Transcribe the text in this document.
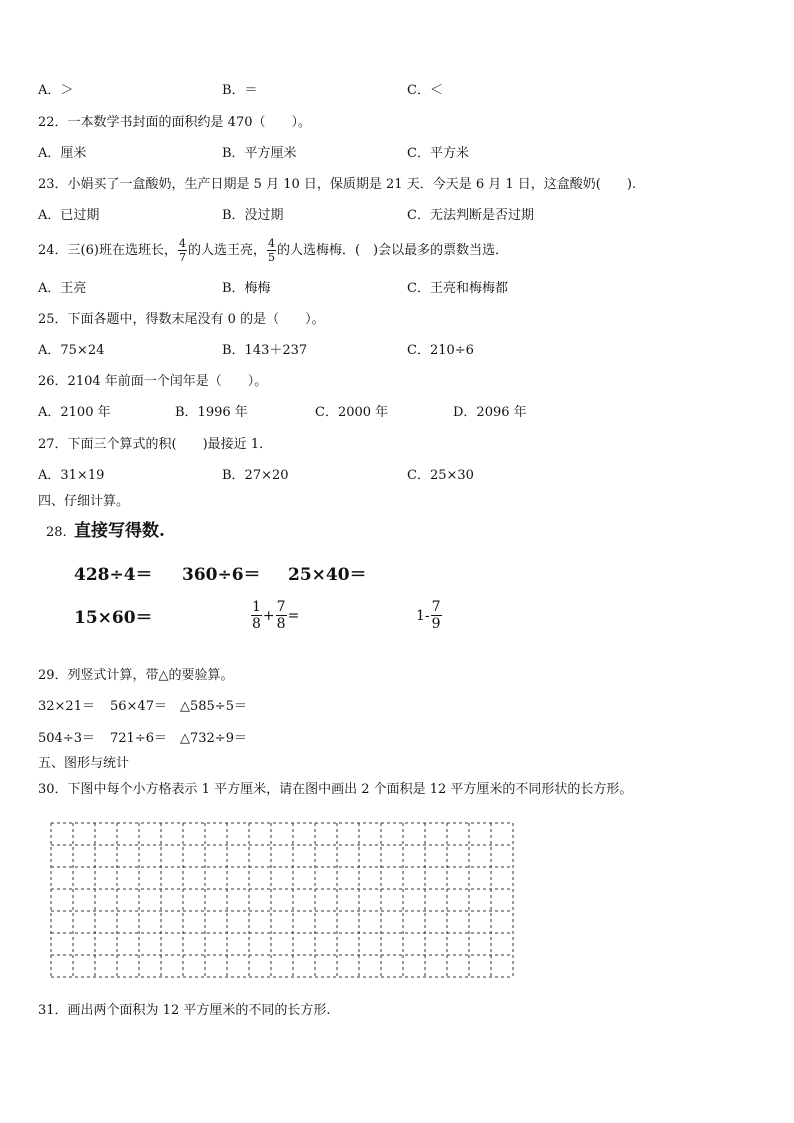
A．＞	B．＝	C．＜
22．一本数学书封面的面积约是 470（　　）。
A．厘米	B．平方厘米	C．平方米
23．小娟买了一盒酸奶，生产日期是 5 月 10 日，保质期是 21 天．今天是 6 月 1 日，这盒酸奶(　　).
A．已过期	B．没过期	C．无法判断是否过期
24．三(6)班在选班长， $\frac{4}{7}$ 的人选王亮， $\frac{4}{5}$ 的人选梅梅．(　)会以最多的票数当选．
A．王亮	B．梅梅	C．王亮和梅梅都
25．下面各题中，得数末尾没有 0 的是（　　）。
A．75×24	B．143＋237	C．210÷6
26．2104 年前面一个闰年是（　　）。
A．2100 年	B．1996 年	C．2000 年	D．2096 年
27．下面三个算式的积(　　)最接近 1．
A．31×19	B．27×20	C．25×30
四、仔细计算。
28. 直接写得数.
428÷4＝ 360÷6＝ 25×40＝
15×60＝	$\frac{1}{8} + \frac{7}{8}$ =	$1- \frac{7}{9}$
29．列竖式计算，带△的要验算。
32×21＝ 56×47＝ △585÷5＝
504÷3＝ 721÷6＝ △732÷9＝
五、图形与统计
30．下图中每个小方格表示 1 平方厘米，请在图中画出 2 个面积是 12 平方厘米的不同形状的长方形。
31．画出两个面积为 12 平方厘米的不同的长方形.
